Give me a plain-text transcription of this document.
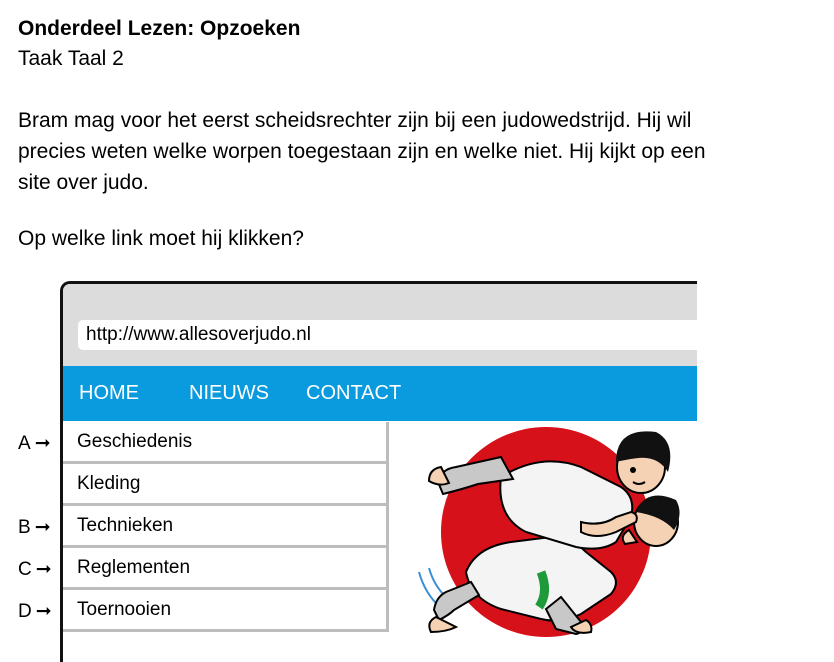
Onderdeel Lezen: Opzoeken
Taak Taal 2
Bram mag voor het eerst scheidsrechter zijn bij een judowedstrijd. Hij wil
precies weten welke worpen toegestaan zijn en welke niet. Hij kijkt op een
site over judo.
Op welke link moet hij klikken?
A ➞
B ➞
C ➞
D ➞
http://www.allesoverjudo.nl
HOME	NIEUWS CONTACT
Geschiedenis
Kleding
Technieken
Reglementen
Toernooien
